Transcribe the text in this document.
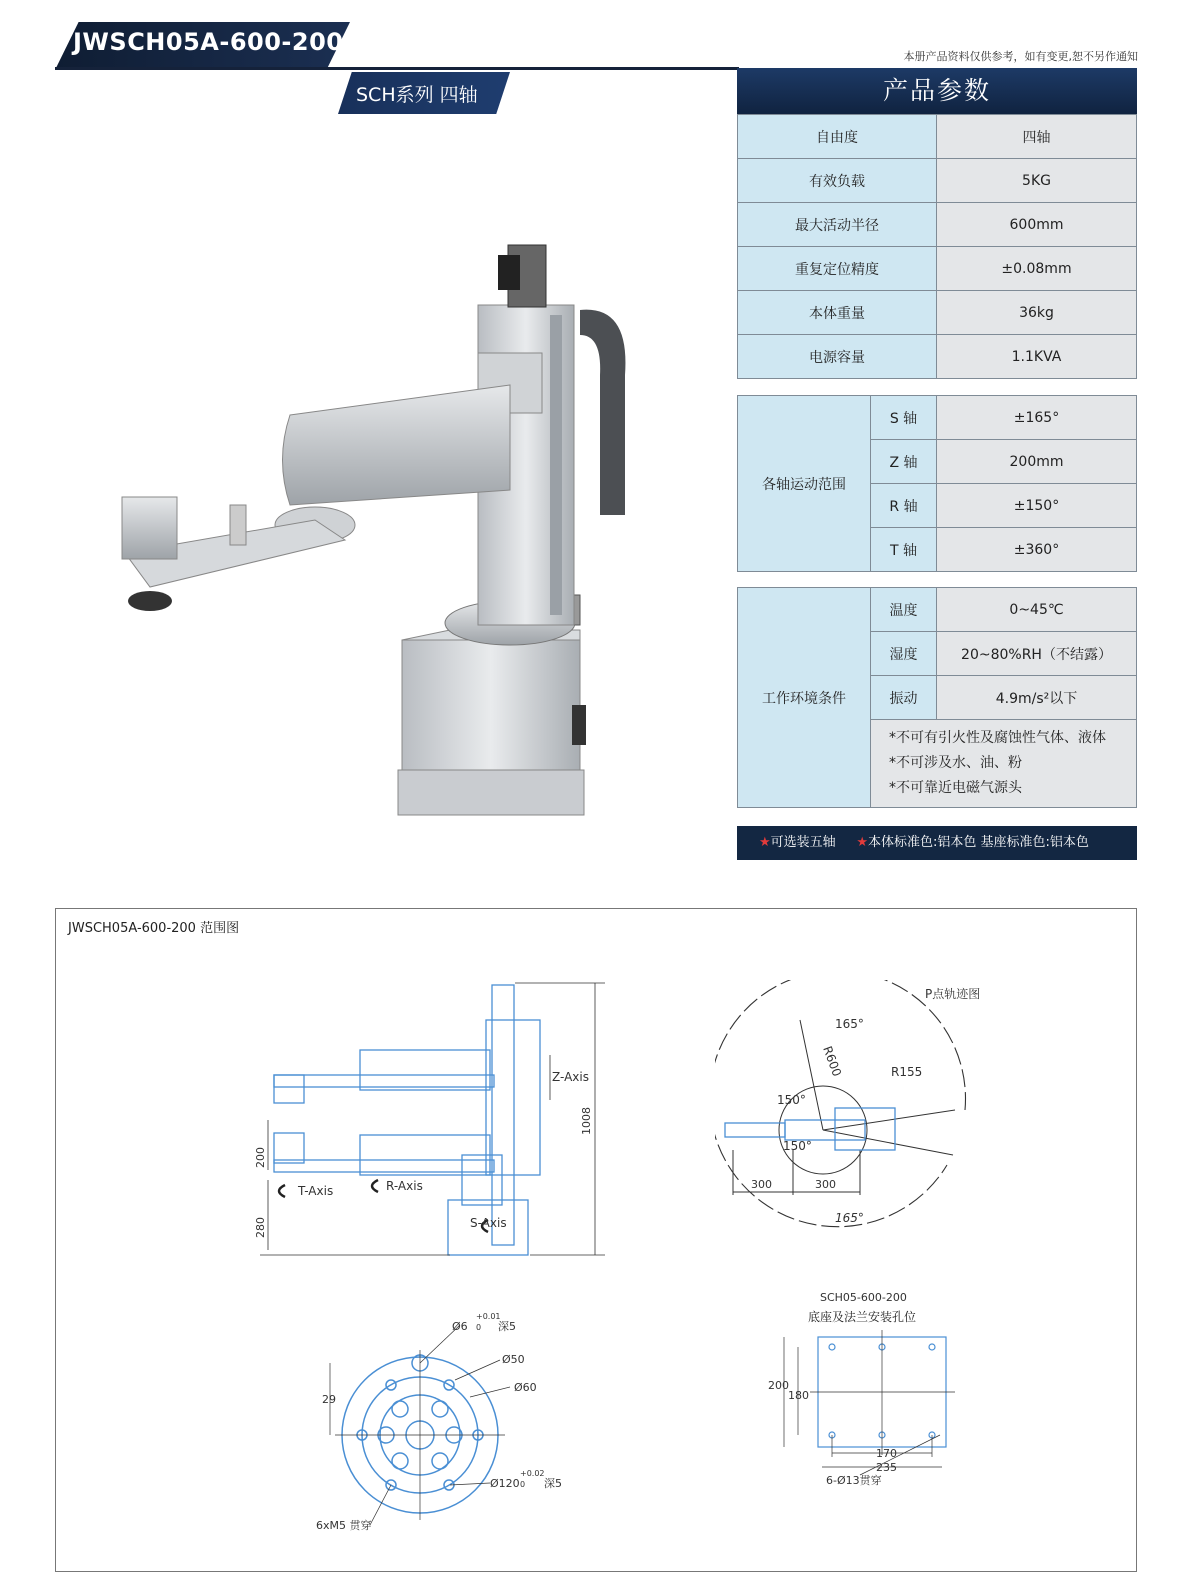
JWSCH05A-600-200
SCH系列 四轴
本册产品资料仅供参考，如有变更,恕不另作通知
产品参数
自由度	四轴
有效负载	5KG
最大活动半径	600mm
重复定位精度	±0.08mm
本体重量	36kg
电源容量	1.1KVA
各轴运动范围	S 轴	±165°
	Z 轴	200mm
	R 轴	±150°
	T 轴	±360°
工作环境条件	温度	0~45℃
	湿度	20~80%RH（不结露）
	振动	4.9m/s²以下

	*不可有引火性及腐蚀性气体、液体
*不可涉及水、油、粉
*不可靠近电磁气源头	
★可选装五轴 ★本体标准色:铝本色 基座标准色:铝本色
JWSCH05A-600-200 范围图
Z-Axis
T-Axis	R-Axis
S-Axis
200
280
1008
P点轨迹图
165°
165°
R600	R155
150°
150°
300	300
Ø6
+0.01
0 深5
Ø50
Ø60
29
Ø120
+0.02
0 深5
6xM5 贯穿
SCH05-600-200
底座及法兰安装孔位
200
180
170
235
6-Ø13贯穿
